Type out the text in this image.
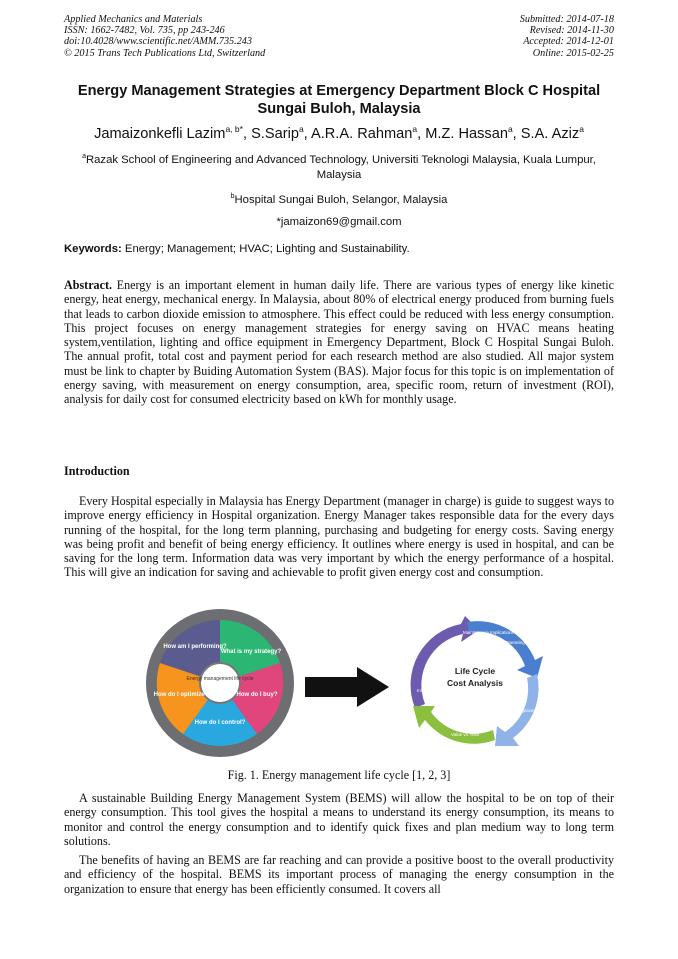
Applied Mechanics and Materials
ISSN: 1662-7482, Vol. 735, pp 243-246
doi:10.4028/www.scientific.net/AMM.735.243
© 2015 Trans Tech Publications Ltd, Switzerland
Submitted: 2014-07-18
Revised: 2014-11-30
Accepted: 2014-12-01
Online: 2015-02-25
Energy Management Strategies at Emergency Department Block C Hospital Sungai Buloh, Malaysia
Jamaizonkefli Lazim$^{a, b*}$, S.Sarip$^a$, A.R.A. Rahman$^a$, M.Z. Hassan$^a$, S.A. Aziz$^a$
$^a$Razak School of Engineering and Advanced Technology, Universiti Teknologi Malaysia, Kuala Lumpur, Malaysia
$^b$Hospital Sungai Buloh, Selangor, Malaysia
*jamaizon69@gmail.com
Keywords: Energy; Management; HVAC; Lighting and Sustainability.
Abstract. Energy is an important element in human daily life. There are various types of energy like kinetic energy, heat energy, mechanical energy. In Malaysia, about 80% of electrical energy produced from burning fuels that leads to carbon dioxide emission to atmosphere. This effect could be reduced with less energy consumption. This project focuses on energy management strategies for energy saving on HVAC means heating system,ventilation, lighting and office equipment in Emergency Department, Block C Hospital Sungai Buloh. The annual profit, total cost and payment period for each research method are also studied. All major system must be link to chapter by Buiding Automation System (BAS). Major focus for this topic is on implementation of energy saving, with measurement on energy consumption, area, specific room, return of investment (ROI), analysis for daily cost for consumed electricity based on kWh for monthly usage.
Introduction
Every Hospital especially in Malaysia has Energy Department (manager in charge) is guide to suggest ways to improve energy efficiency in Hospital organization. Energy Manager takes responsible data for the every days running of the hospital, for the long term planning, purchasing and budgeting for energy costs. Saving energy was being profit and benefit of being energy efficiency. It outlines where energy is used in hospital, and can be saving for the long term. Information data was very important by which the energy performance of a hospital. This will give an indication for saving and achievable to profit given energy cost and consumption.
Energy management life cycle
How am I performing?
What is my strategy?
How do I buy?
How do I control?
How do I optimize?
Life Cycle
Cost Analysis
Maintenance Implications
Operating Performance
Replacement Costs
Value vs. Risk
Initial Expenditure
Fig. 1. Energy management life cycle [1, 2, 3]
A sustainable Building Energy Management System (BEMS) will allow the hospital to be on top of their energy consumption. This tool gives the hospital a means to understand its energy consumption, its means to monitor and control the energy consumption and to identify quick fixes and plan medium way to long term solutions.
The benefits of having an BEMS are far reaching and can provide a positive boost to the overall productivity and efficiency of the hospital. BEMS its important process of managing the energy consumption in the organization to ensure that energy has been efficiently consumed. It covers all
